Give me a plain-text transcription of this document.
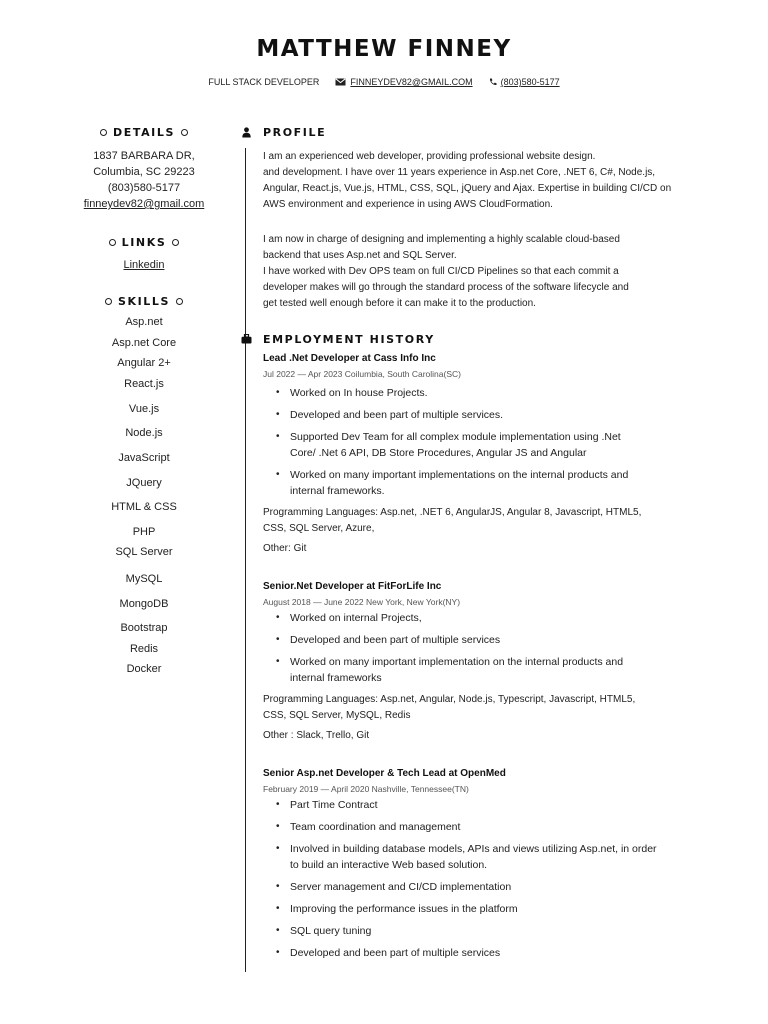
MATTHEW FINNEY
FULL STACK DEVELOPER	FINNEYDEV82@GMAIL.COM	(803)580-5177
DETAILS
1837 BARBARA DR,
Columbia, SC 29223
(803)580-5177
finneydev82@gmail.com
LINKS
Linkedin
SKILLS
Asp.net
Asp.net Core
Angular 2+
React.js
Vue.js
Node.js
JavaScript
JQuery
HTML & CSS
PHP
SQL Server
MySQL
MongoDB
Bootstrap
Redis
Docker
PROFILE
I am an experienced web developer, providing professional website design.
and development. I have over 11 years experience in Asp.net Core, .NET 6, C#, Node.js,
Angular, React.js, Vue.js, HTML, CSS, SQL, jQuery and Ajax. Expertise in building CI/CD on
AWS environment and experience in using AWS CloudFormation.
I am now in charge of designing and implementing a highly scalable cloud-based
backend that uses Asp.net and SQL Server.
I have worked with Dev OPS team on full CI/CD Pipelines so that each commit a
developer makes will go through the standard process of the software lifecycle and
get tested well enough before it can make it to the production.
EMPLOYMENT HISTORY
Lead .Net Developer at Cass Info Inc
Jul 2022 — Apr 2023 Coilumbia, South Carolina(SC)
• Worked on In house Projects.
• Developed and been part of multiple services.
• Supported Dev Team for all complex module implementation using .Net
Core/ .Net 6 API, DB Store Procedures, Angular JS and Angular
• Worked on many important implementations on the internal products and
internal frameworks.
Programming Languages: Asp.net, .NET 6, AngularJS, Angular 8, Javascript, HTML5,
CSS, SQL Server, Azure,
Other: Git
Senior.Net Developer at FitForLife Inc
August 2018 — June 2022 New York, New York(NY)
• Worked on internal Projects,
• Developed and been part of multiple services
• Worked on many important implementation on the internal products and
internal frameworks
Programming Languages: Asp.net, Angular, Node.js, Typescript, Javascript, HTML5,
CSS, SQL Server, MySQL, Redis
Other : Slack, Trello, Git
Senior Asp.net Developer & Tech Lead at OpenMed
February 2019 — April 2020 Nashville, Tennessee(TN)
• Part Time Contract
• Team coordination and management
• Involved in building database models, APIs and views utilizing Asp.net, in order
to build an interactive Web based solution.
• Server management and CI/CD implementation
• Improving the performance issues in the platform
• SQL query tuning
• Developed and been part of multiple services
